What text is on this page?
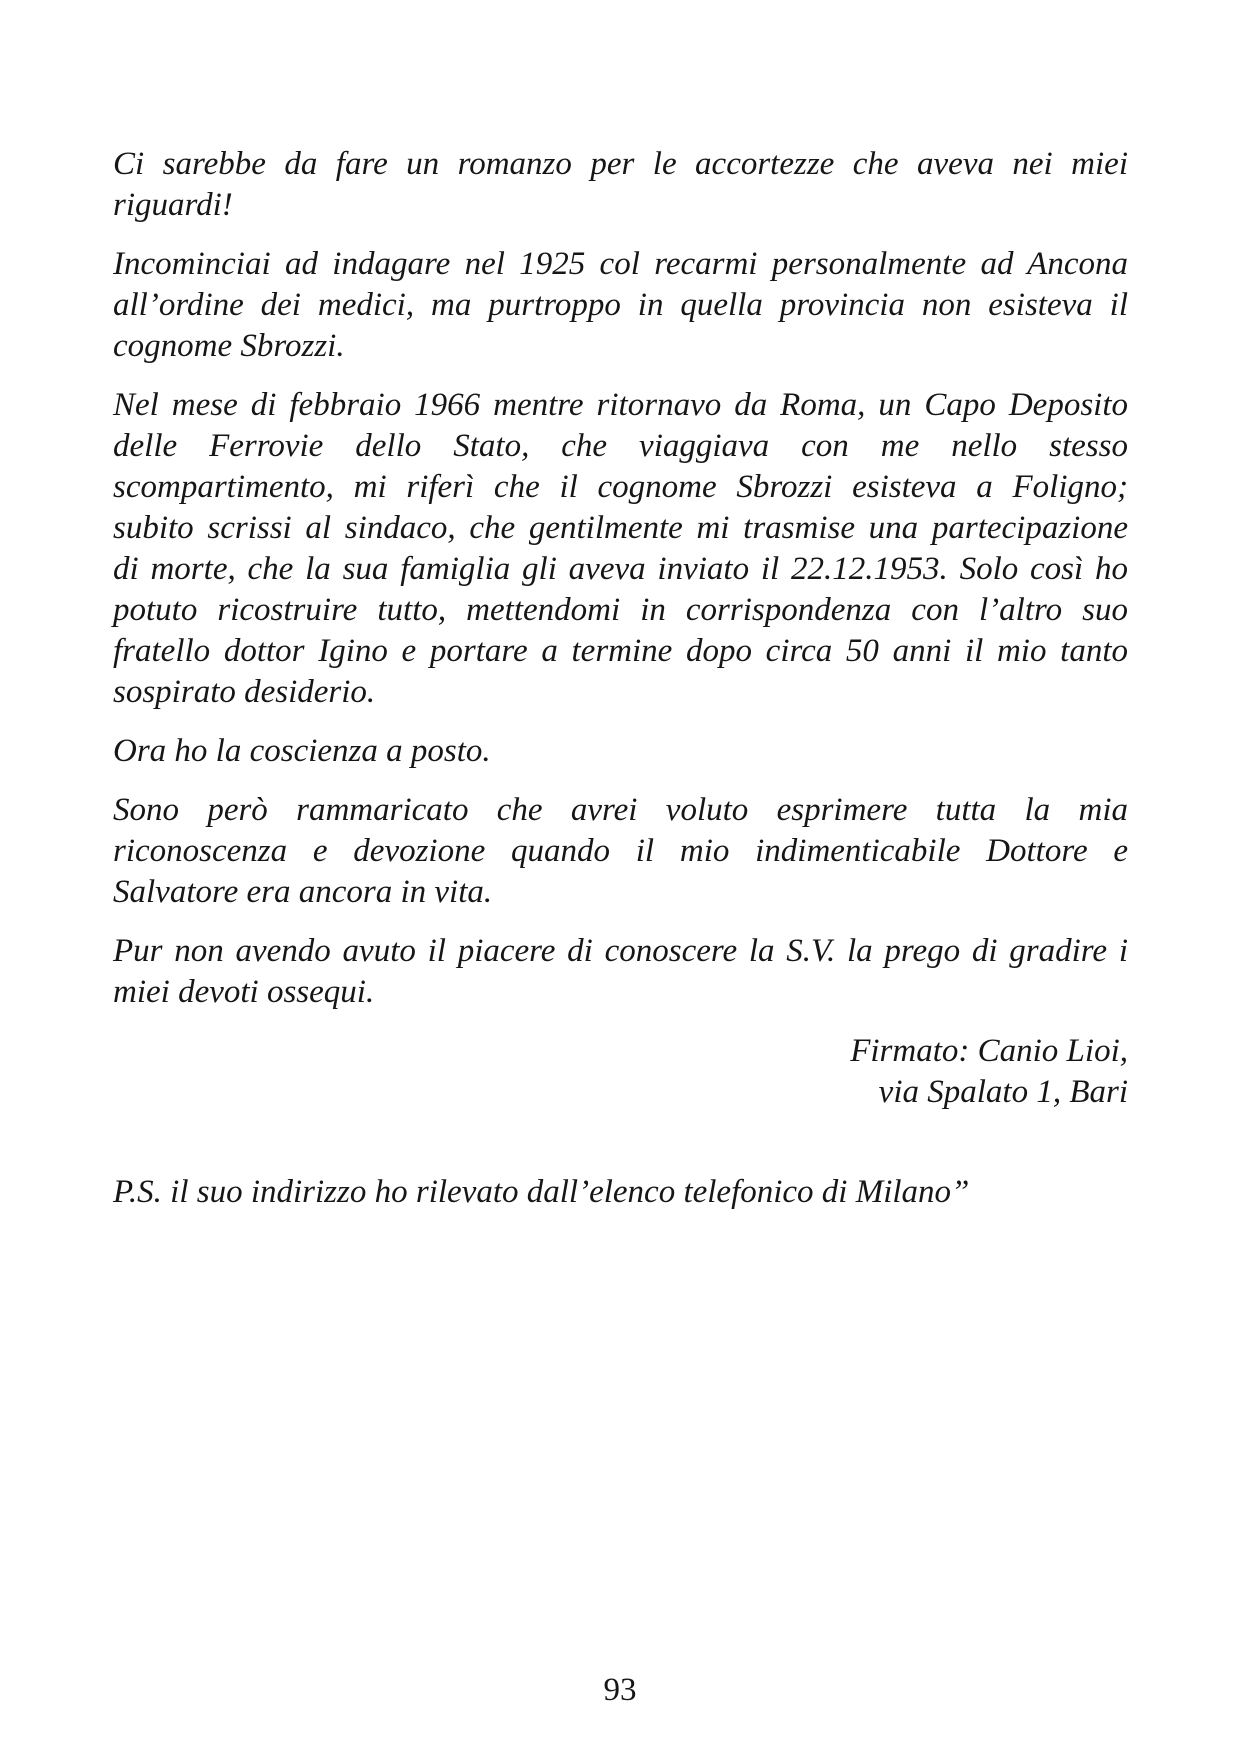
Ci sarebbe da fare un romanzo per le accortezze che aveva nei miei
riguardi!

Incominciai ad indagare nel 1925 col recarmi personalmente ad Ancona
all’ordine dei medici, ma purtroppo in quella provincia non esisteva il
cognome Sbrozzi.

Nel mese di febbraio 1966 mentre ritornavo da Roma, un Capo Deposito
delle Ferrovie dello Stato, che viaggiava con me nello stesso
scompartimento, mi riferì che il cognome Sbrozzi esisteva a Foligno;
subito scrissi al sindaco, che gentilmente mi trasmise una partecipazione
di morte, che la sua famiglia gli aveva inviato il 22.12.1953. Solo così ho
potuto ricostruire tutto, mettendomi in corrispondenza con l’altro suo
fratello dottor Igino e portare a termine dopo circa 50 anni il mio tanto
sospirato desiderio.

Ora ho la coscienza a posto.

Sono però rammaricato che avrei voluto esprimere tutta la mia
riconoscenza e devozione quando il mio indimenticabile Dottore e
Salvatore era ancora in vita.

Pur non avendo avuto il piacere di conoscere la S.V. la prego di gradire i
miei devoti ossequi.

Firmato: Canio Lioi,
via Spalato 1, Bari

P.S. il suo indirizzo ho rilevato dall’elenco telefonico di Milano”

93
